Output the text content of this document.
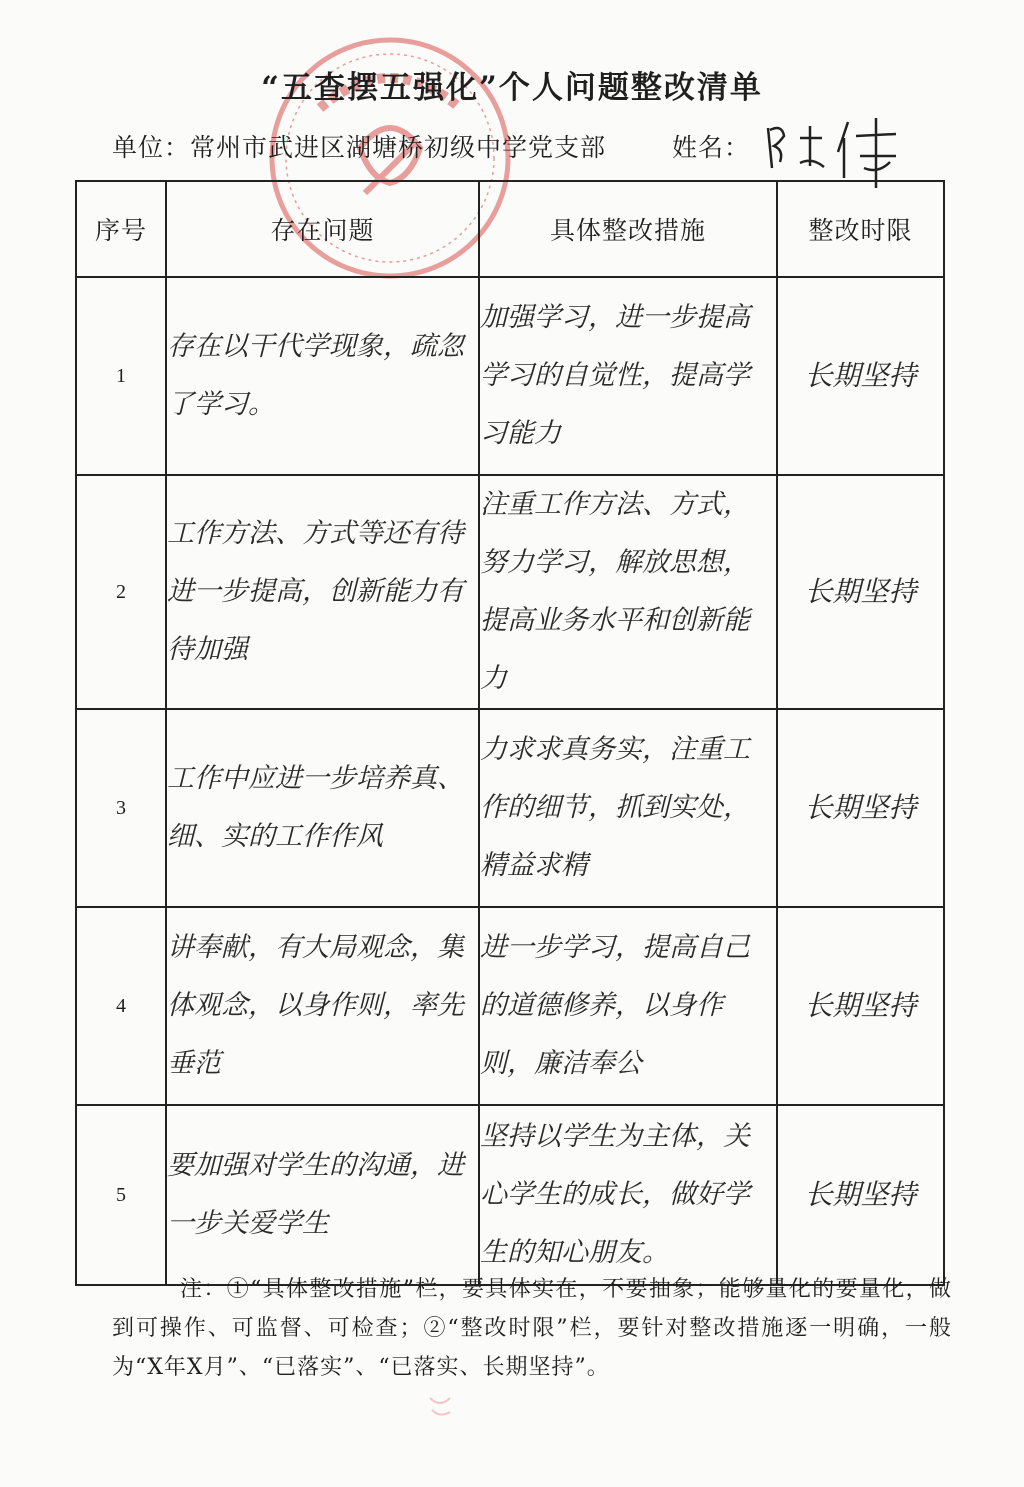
“五查摆五强化”个人问题整改清单
单位：常州市武进区湖塘桥初级中学党支部	姓名：
序号	存在问题	具体整改措施	整改时限
1	存在以干代学现象，疏忽了学习。	加强学习，进一步提高学习的自觉性，提高学习能力	长期坚持
2	工作方法、方式等还有待进一步提高，创新能力有待加强	注重工作方法、方式，努力学习，解放思想，提高业务水平和创新能力	长期坚持
3	工作中应进一步培养真、细、实的工作作风	力求求真务实，注重工作的细节，抓到实处，精益求精	长期坚持
4	讲奉献，有大局观念，集体观念，以身作则，率先垂范	进一步学习，提高自己的道德修养，以身作则，廉洁奉公	长期坚持
5	要加强对学生的沟通，进一步关爱学生	坚持以学生为主体，关心学生的成长，做好学生的知心朋友。	长期坚持
注：①“具体整改措施”栏，要具体实在，不要抽象；能够量化的要量化，做到可操作、可监督、可检查；②“整改时限”栏，要针对整改措施逐一明确，一般为“X年X月”、“已落实”、“已落实、长期坚持”。
